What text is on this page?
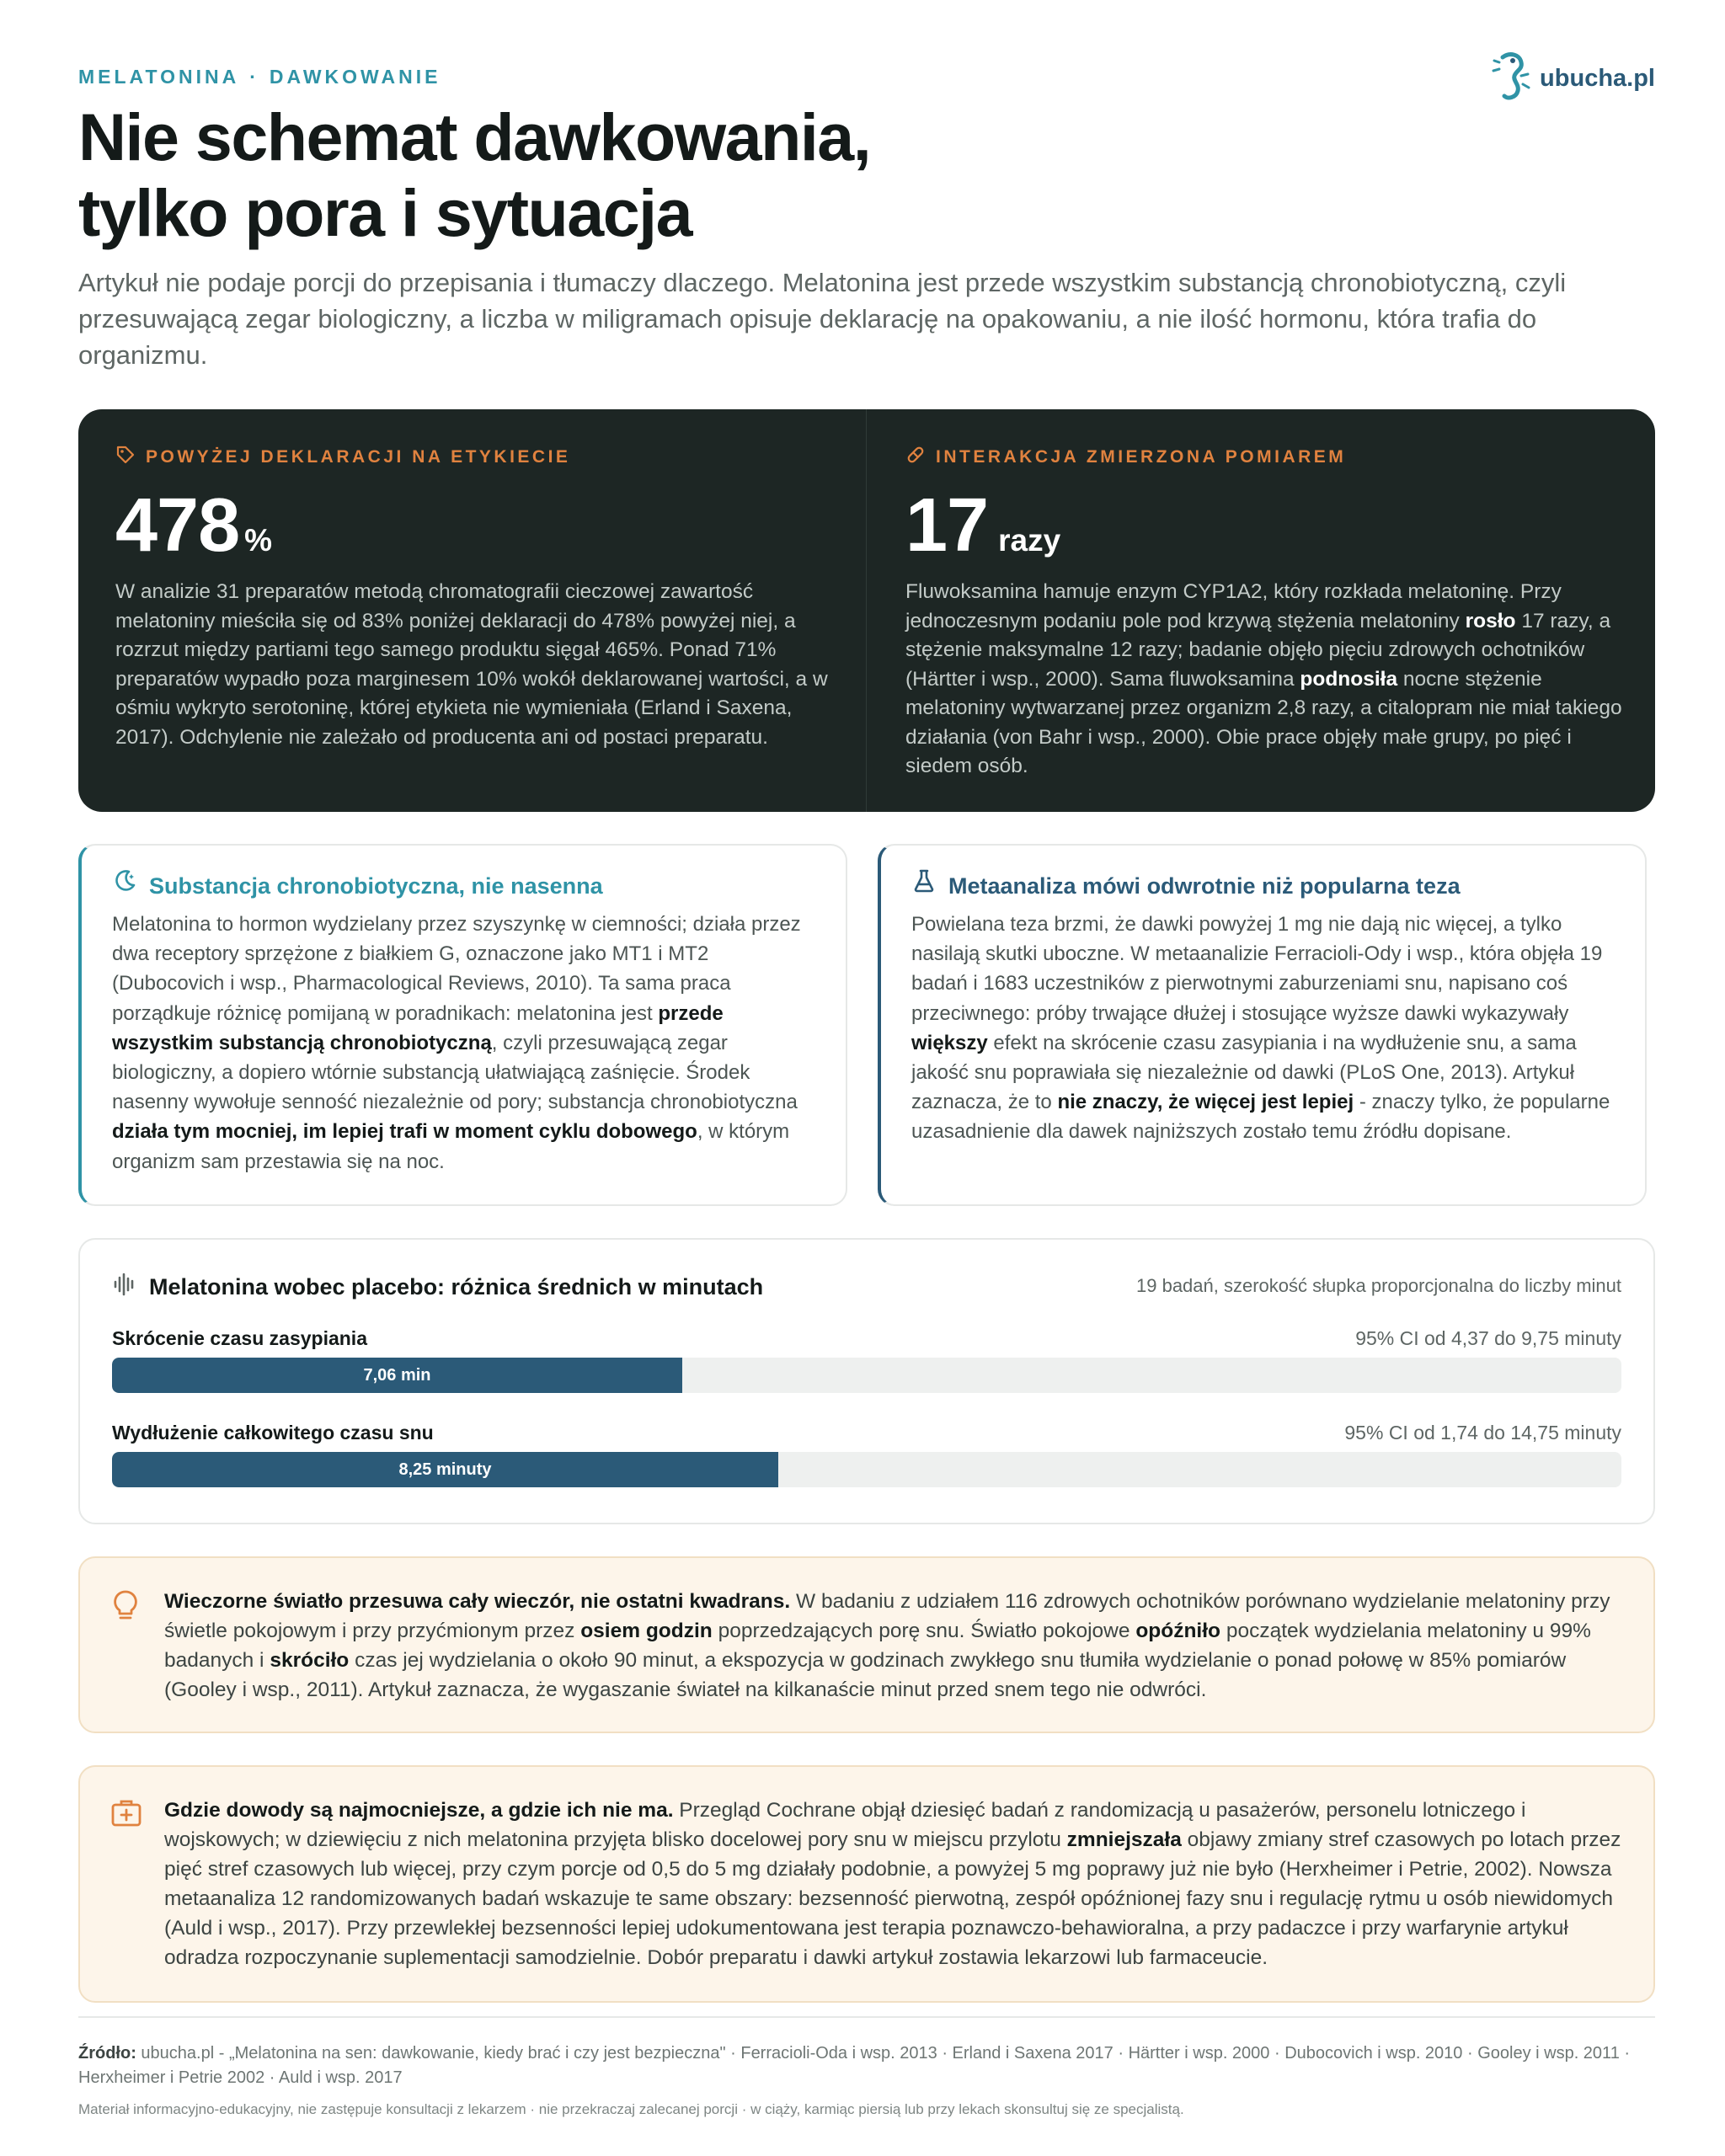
MELATONINA · DAWKOWANIE	ubucha.pl
Nie schemat dawkowania,
tylko pora i sytuacja

Artykuł nie podaje porcji do przepisania i tłumaczy dlaczego. Melatonina jest przede wszystkim substancją chronobiotyczną, czyli przesuwającą zegar biologiczny, a liczba w miligramach opisuje deklarację na opakowaniu, a nie ilość hormonu, która trafia do organizmu.

POWYŻEJ DEKLARACJI NA ETYKIECIE
478 %
W analizie 31 preparatów metodą chromatografii cieczowej zawartość melatoniny mieściła się od 83% poniżej deklaracji do 478% powyżej niej, a rozrzut między partiami tego samego produktu sięgał 465%. Ponad 71% preparatów wypadło poza marginesem 10% wokół deklarowanej wartości, a w ośmiu wykryto serotoninę, której etykieta nie wymieniała (Erland i Saxena, 2017). Odchylenie nie zależało od producenta ani od postaci preparatu.
INTERAKCJA ZMIERZONA POMIAREM
17 razy
Fluwoksamina hamuje enzym CYP1A2, który rozkłada melatoninę. Przy jednoczesnym podaniu pole pod krzywą stężenia melatoniny rosło 17 razy, a stężenie maksymalne 12 razy; badanie objęło pięciu zdrowych ochotników (Härtter i wsp., 2000). Sama fluwoksamina podnosiła nocne stężenie melatoniny wytwarzanej przez organizm 2,8 razy, a citalopram nie miał takiego działania (von Bahr i wsp., 2000). Obie prace objęły małe grupy, po pięć i siedem osób.
Substancja chronobiotyczna, nie nasenna

Melatonina to hormon wydzielany przez szyszynkę w ciemności; działa przez dwa receptory sprzężone z białkiem G, oznaczone jako MT1 i MT2 (Dubocovich i wsp., Pharmacological Reviews, 2010). Ta sama praca porządkuje różnicę pomijaną w poradnikach: melatonina jest przede wszystkim substancją chronobiotyczną, czyli przesuwającą zegar biologiczny, a dopiero wtórnie substancją ułatwiającą zaśnięcie. Środek nasenny wywołuje senność niezależnie od pory; substancja chronobiotyczna działa tym mocniej, im lepiej trafi w moment cyklu dobowego, w którym organizm sam przestawia się na noc.

Metaanaliza mówi odwrotnie niż popularna teza

Powielana teza brzmi, że dawki powyżej 1 mg nie dają nic więcej, a tylko nasilają skutki uboczne. W metaanalizie Ferracioli-Ody i wsp., która objęła 19 badań i 1683 uczestników z pierwotnymi zaburzeniami snu, napisano coś przeciwnego: próby trwające dłużej i stosujące wyższe dawki wykazywały większy efekt na skrócenie czasu zasypiania i na wydłużenie snu, a sama jakość snu poprawiała się niezależnie od dawki (PLoS One, 2013). Artykuł zaznacza, że to nie znaczy, że więcej jest lepiej - znaczy tylko, że popularne uzasadnienie dla dawek najniższych zostało temu źródłu dopisane.

Melatonina wobec placebo: różnica średnich w minutach	19 badań, szerokość słupka proporcjonalna do liczby minut
Skrócenie czasu zasypiania	95% CI od 4,37 do 9,75 minuty
7,06 min
Wydłużenie całkowitego czasu snu	95% CI od 1,74 do 14,75 minuty
8,25 minuty

Wieczorne światło przesuwa cały wieczór, nie ostatni kwadrans. W badaniu z udziałem 116 zdrowych ochotników porównano wydzielanie melatoniny przy świetle pokojowym i przy przyćmionym przez osiem godzin poprzedzających porę snu. Światło pokojowe opóźniło początek wydzielania melatoniny u 99% badanych i skróciło czas jej wydzielania o około 90 minut, a ekspozycja w godzinach zwykłego snu tłumiła wydzielanie o ponad połowę w 85% pomiarów (Gooley i wsp., 2011). Artykuł zaznacza, że wygaszanie świateł na kilkanaście minut przed snem tego nie odwróci.

Gdzie dowody są najmocniejsze, a gdzie ich nie ma. Przegląd Cochrane objął dziesięć badań z randomizacją u pasażerów, personelu lotniczego i wojskowych; w dziewięciu z nich melatonina przyjęta blisko docelowej pory snu w miejscu przylotu zmniejszała objawy zmiany stref czasowych po lotach przez pięć stref czasowych lub więcej, przy czym porcje od 0,5 do 5 mg działały podobnie, a powyżej 5 mg poprawy już nie było (Herxheimer i Petrie, 2002). Nowsza metaanaliza 12 randomizowanych badań wskazuje te same obszary: bezsenność pierwotną, zespół opóźnionej fazy snu i regulację rytmu u osób niewidomych (Auld i wsp., 2017). Przy przewlekłej bezsenności lepiej udokumentowana jest terapia poznawczo-behawioralna, a przy padaczce i przy warfarynie artykuł odradza rozpoczynanie suplementacji samodzielnie. Dobór preparatu i dawki artykuł zostawia lekarzowi lub farmaceucie.

Źródło: ubucha.pl - „Melatonina na sen: dawkowanie, kiedy brać i czy jest bezpieczna" · Ferracioli-Oda i wsp. 2013 · Erland i Saxena 2017 · Härtter i wsp. 2000 · Dubocovich i wsp. 2010 · Gooley i wsp. 2011 · Herxheimer i Petrie 2002 · Auld i wsp. 2017

Materiał informacyjno-edukacyjny, nie zastępuje konsultacji z lekarzem · nie przekraczaj zalecanej porcji · w ciąży, karmiąc piersią lub przy lekach skonsultuj się ze specjalistą.
